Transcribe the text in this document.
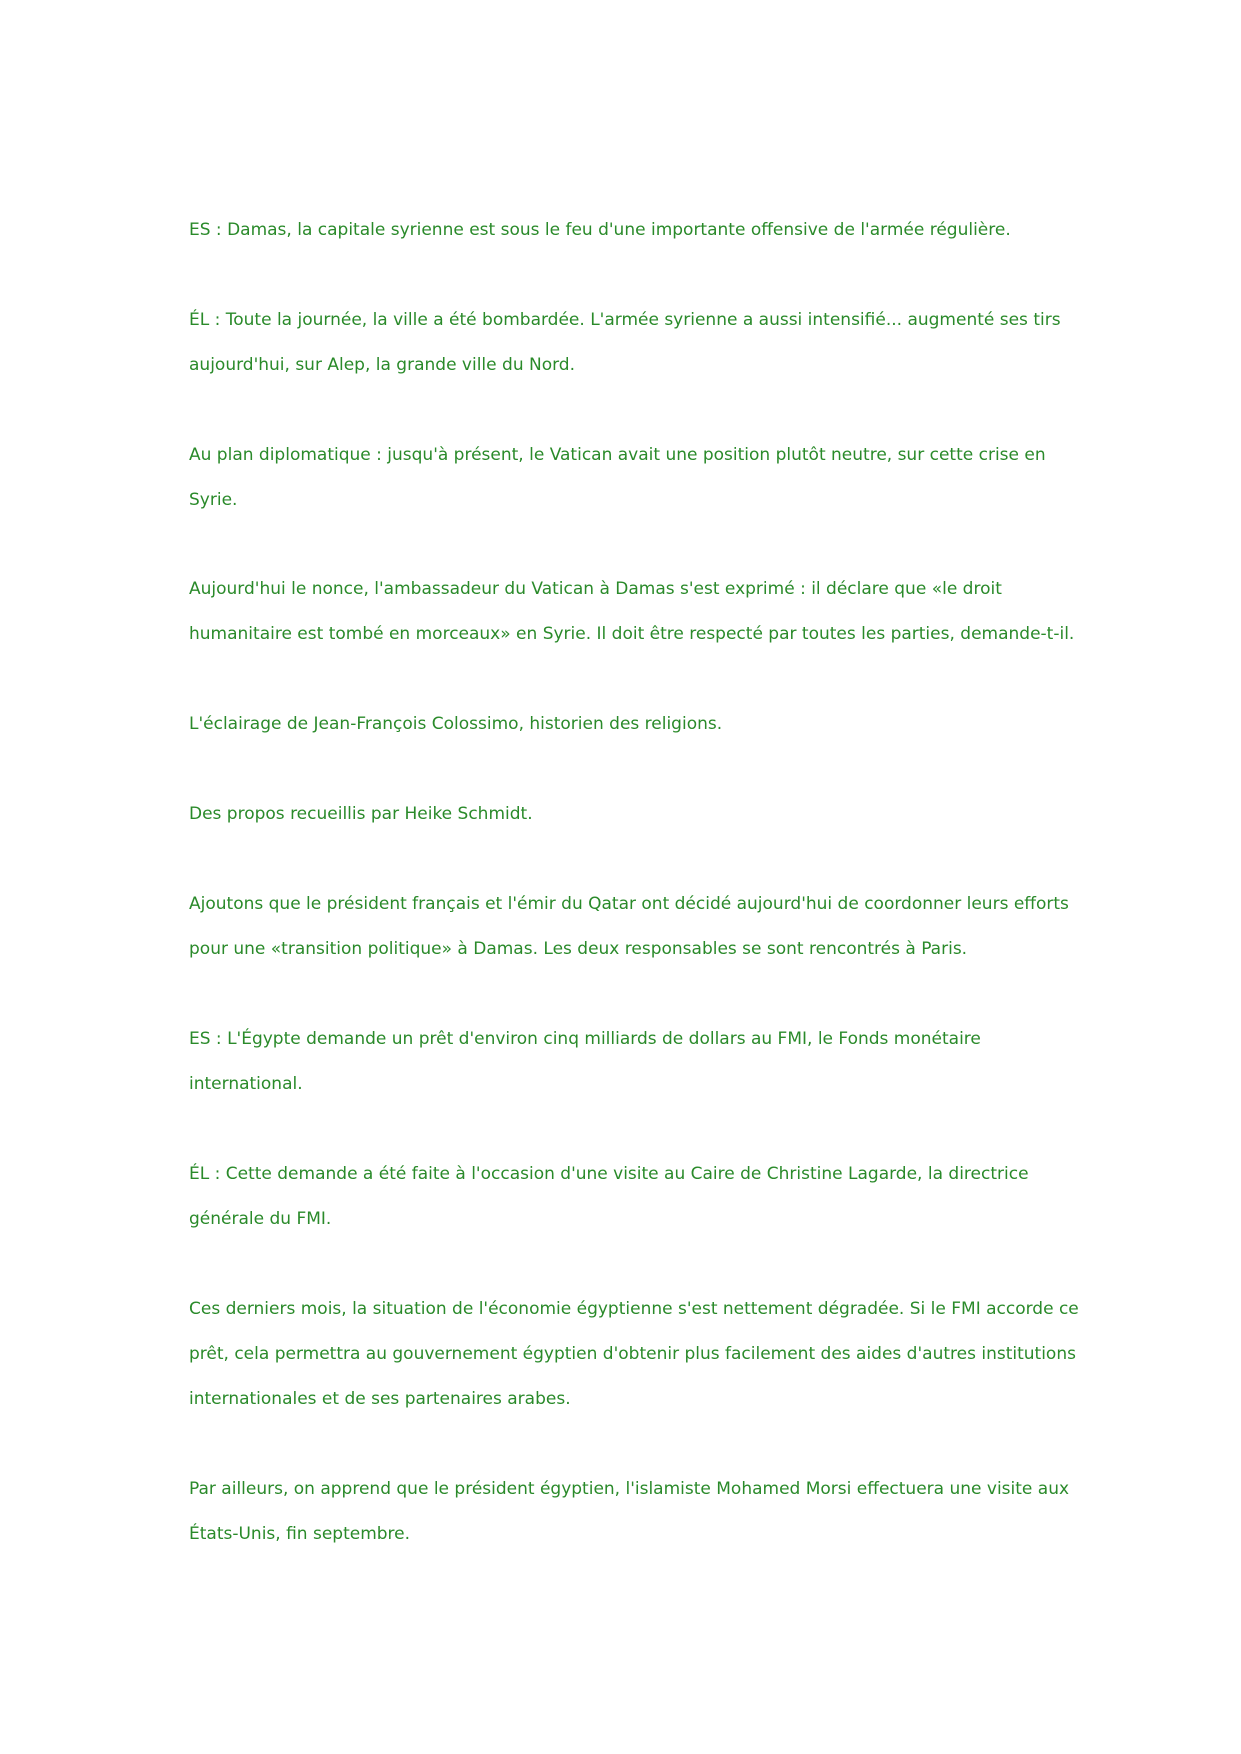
ES : Damas, la capitale syrienne est sous le feu d'une importante offensive de l'armée régulière.
ÉL : Toute la journée, la ville a été bombardée. L'armée syrienne a aussi intensifié... augmenté ses tirs
aujourd'hui, sur Alep, la grande ville du Nord.
Au plan diplomatique : jusqu'à présent, le Vatican avait une position plutôt neutre, sur cette crise en
Syrie.
Aujourd'hui le nonce, l'ambassadeur du Vatican à Damas s'est exprimé : il déclare que «le droit
humanitaire est tombé en morceaux» en Syrie. Il doit être respecté par toutes les parties, demande-t-il.
L'éclairage de Jean-François Colossimo, historien des religions.
Des propos recueillis par Heike Schmidt.
Ajoutons que le président français et l'émir du Qatar ont décidé aujourd'hui de coordonner leurs efforts
pour une «transition politique» à Damas. Les deux responsables se sont rencontrés à Paris.
ES : L'Égypte demande un prêt d'environ cinq milliards de dollars au FMI, le Fonds monétaire
international.
ÉL : Cette demande a été faite à l'occasion d'une visite au Caire de Christine Lagarde, la directrice
générale du FMI.
Ces derniers mois, la situation de l'économie égyptienne s'est nettement dégradée. Si le FMI accorde ce
prêt, cela permettra au gouvernement égyptien d'obtenir plus facilement des aides d'autres institutions
internationales et de ses partenaires arabes.
Par ailleurs, on apprend que le président égyptien, l'islamiste Mohamed Morsi effectuera une visite aux
États-Unis, fin septembre.
